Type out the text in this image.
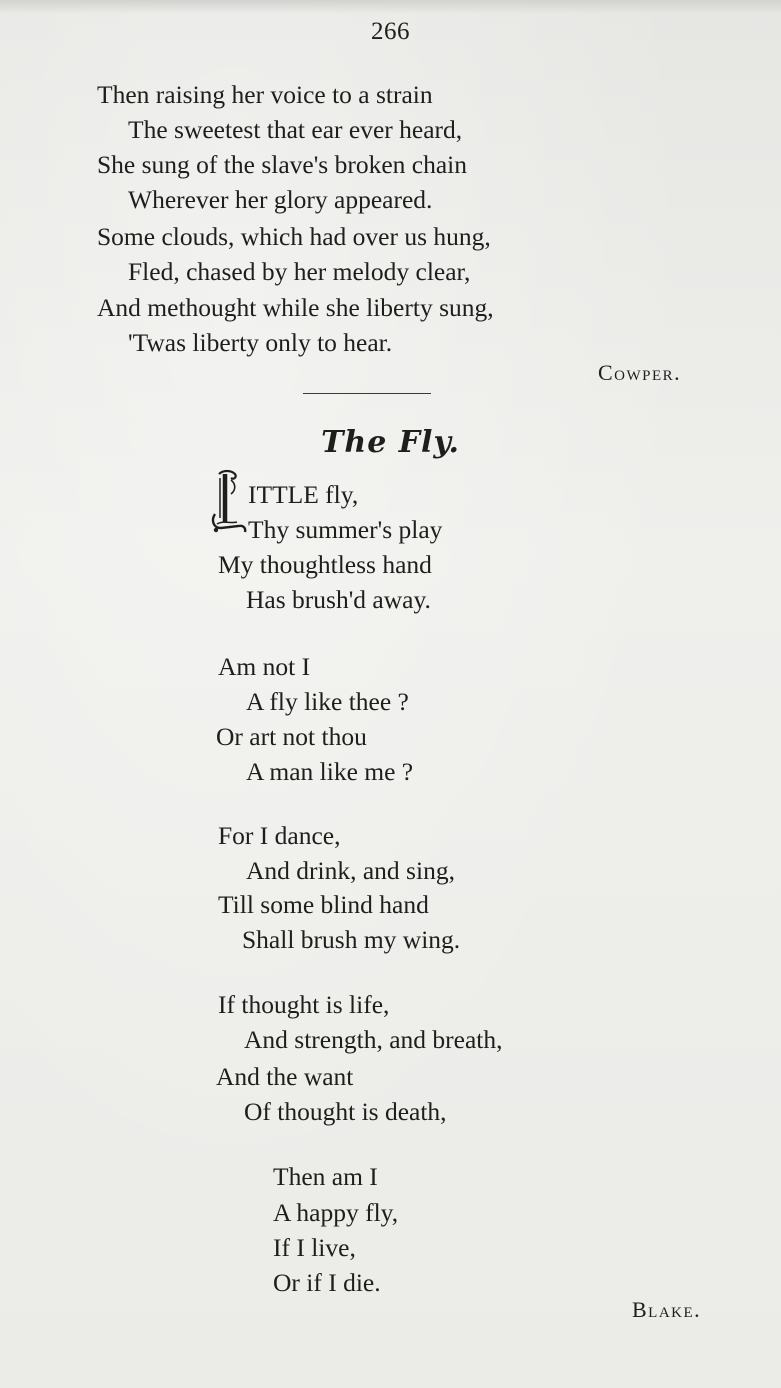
266
Then raising her voice to a strain
The sweetest that ear ever heard,
She sung of the slave's broken chain
Wherever her glory appeared.
Some clouds, which had over us hung,
Fled, chased by her melody clear,
And methought while she liberty sung,
'Twas liberty only to hear.
Cowper.
The Fly.
ITTLE fly,
Thy summer's play
My thoughtless hand
Has brush'd away.
Am not I
A fly like thee ?
Or art not thou
A man like me ?
For I dance,
And drink, and sing,
Till some blind hand
Shall brush my wing.
If thought is life,
And strength, and breath,
And the want
Of thought is death,
Then am I
A happy fly,
If I live,
Or if I die.
Blake.
